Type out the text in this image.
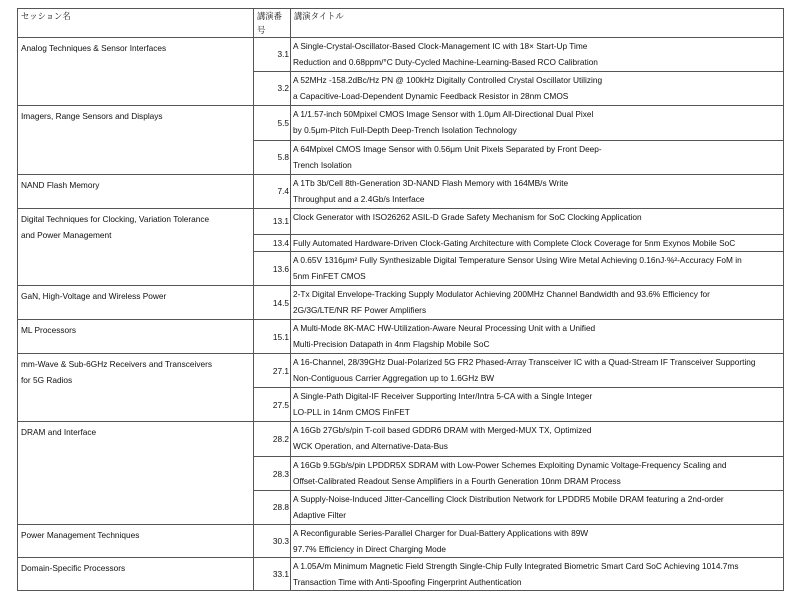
セッション名	講演番号	講演タイトル
Analog Techniques & Sensor Interfaces	3.1	A Single-Crystal-Oscillator-Based Clock-Management IC with 18× Start-Up Time
Reduction and 0.68ppm/°C Duty-Cycled Machine-Learning-Based RCO Calibration
	3.2	A 52MHz -158.2dBc/Hz PN @ 100kHz Digitally Controlled Crystal Oscillator Utilizing
a Capacitive-Load-Dependent Dynamic Feedback Resistor in 28nm CMOS
Imagers, Range Sensors and Displays	5.5	A 1/1.57-inch 50Mpixel CMOS Image Sensor with 1.0μm All-Directional Dual Pixel
by 0.5μm-Pitch Full-Depth Deep-Trench Isolation Technology
	5.8	A 64Mpixel CMOS Image Sensor with 0.56μm Unit Pixels Separated by Front Deep-
Trench Isolation
NAND Flash Memory	7.4	A 1Tb 3b/Cell 8th-Generation 3D-NAND Flash Memory with 164MB/s Write
Throughput and a 2.4Gb/s Interface
Digital Techniques for Clocking, Variation Tolerance
and Power Management	13.1	Clock Generator with ISO26262 ASIL-D Grade Safety Mechanism for SoC Clocking Application
	13.4	Fully Automated Hardware-Driven Clock-Gating Architecture with Complete Clock Coverage for 5nm Exynos Mobile SoC
	13.6	A 0.65V 1316μm² Fully Synthesizable Digital Temperature Sensor Using Wire Metal Achieving 0.16nJ·%²-Accuracy FoM in
5nm FinFET CMOS
GaN, High-Voltage and Wireless Power	14.5	2-Tx Digital Envelope-Tracking Supply Modulator Achieving 200MHz Channel Bandwidth and 93.6% Efficiency for
2G/3G/LTE/NR RF Power Amplifiers
ML Processors	15.1	A Multi-Mode 8K-MAC HW-Utilization-Aware Neural Processing Unit with a Unified
Multi-Precision Datapath in 4nm Flagship Mobile SoC
mm-Wave & Sub-6GHz Receivers and Transceivers
for 5G Radios	27.1	A 16-Channel, 28/39GHz Dual-Polarized 5G FR2 Phased-Array Transceiver IC with a Quad-Stream IF Transceiver Supporting
Non-Contiguous Carrier Aggregation up to 1.6GHz BW
	27.5	A Single-Path Digital-IF Receiver Supporting Inter/Intra 5-CA with a Single Integer
LO-PLL in 14nm CMOS FinFET
DRAM and Interface	28.2	A 16Gb 27Gb/s/pin T-coil based GDDR6 DRAM with Merged-MUX TX, Optimized
WCK Operation, and Alternative-Data-Bus
	28.3	A 16Gb 9.5Gb/s/pin LPDDR5X SDRAM with Low-Power Schemes Exploiting Dynamic Voltage-Frequency Scaling and
Offset-Calibrated Readout Sense Amplifiers in a Fourth Generation 10nm DRAM Process
	28.8	A Supply-Noise-Induced Jitter-Cancelling Clock Distribution Network for LPDDR5 Mobile DRAM featuring a 2nd-order
Adaptive Filter
Power Management Techniques	30.3	A Reconfigurable Series-Parallel Charger for Dual-Battery Applications with 89W
97.7% Efficiency in Direct Charging Mode
Domain-Specific Processors	33.1	A 1.05A/m Minimum Magnetic Field Strength Single-Chip Fully Integrated Biometric Smart Card SoC Achieving 1014.7ms
Transaction Time with Anti-Spoofing Fingerprint Authentication
